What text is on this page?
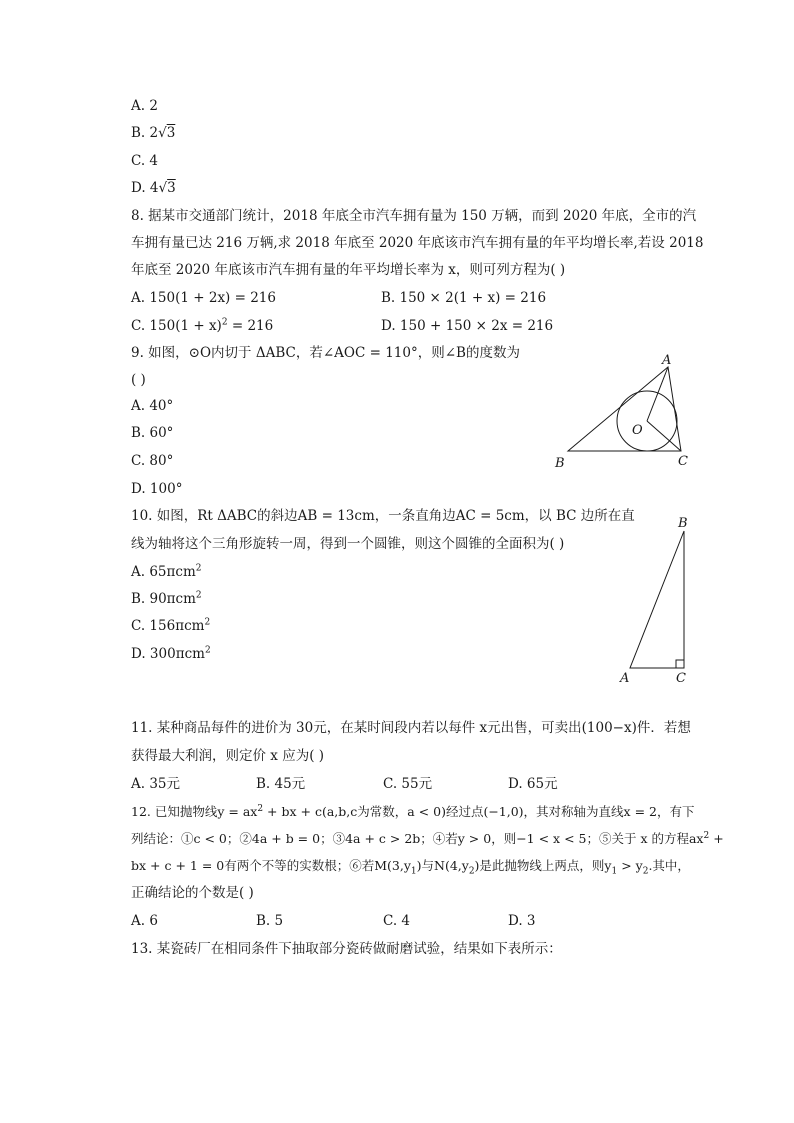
A. 2
B. 2√3
C. 4
D. 4√3
8. 据某市交通部门统计，2018 年底全市汽车拥有量为 150 万辆，而到 2020 年底，全市的汽
车拥有量已达 216 万辆,求 2018 年底至 2020 年底该市汽车拥有量的年平均增长率,若设 2018
年底至 2020 年底该市汽车拥有量的年平均增长率为 x，则可列方程为( )
A. 150(1 + 2x) = 216	B. 150 × 2(1 + x) = 216
C. $150(1 + x)^2 = 216$	D. 150 + 150 × 2x = 216
9. 如图，⊙O内切于 ΔABC，若∠AOC = 110°，则∠B的度数为
( )
A. 40°
B. 60°
C. 80°
D. 100°
A
B	C
O
10. 如图，Rt ΔABC的斜边AB = 13cm，一条直角边AC = 5cm，以 BC 边所在直
线为轴将这个三角形旋转一周，得到一个圆锥，则这个圆锥的全面积为( )
A. 65πcm$^2$
B. 90πcm$^2$
C. 156πcm$^2$
D. 300πcm$^2$
B
A	C
11. 某种商品每件的进价为 30元，在某时间段内若以每件 x元出售，可卖出(100−x)件．若想
获得最大利润，则定价 x 应为( )
A. 35元	B. 45元	C. 55元	D. 65元
12. 已知抛物线$y = ax^2$ + bx + c(a,b,c为常数，a < 0)经过点(−1,0)，其对称轴为直线x = 2，有下
列结论：①c < 0；②4a + b = 0；③4a + c > 2b；④若y > 0，则−1 < x < 5；⑤关于 x 的方程$ax^2$ +
bx + c + 1 = 0有两个不等的实数根；⑥若$M(3,y_1)$与$N(4,y_2)$是此抛物线上两点，则$y_1 > y_2$.其中，
正确结论的个数是( )
A. 6	B. 5	C. 4	D. 3
13. 某瓷砖厂在相同条件下抽取部分瓷砖做耐磨试验，结果如下表所示：
